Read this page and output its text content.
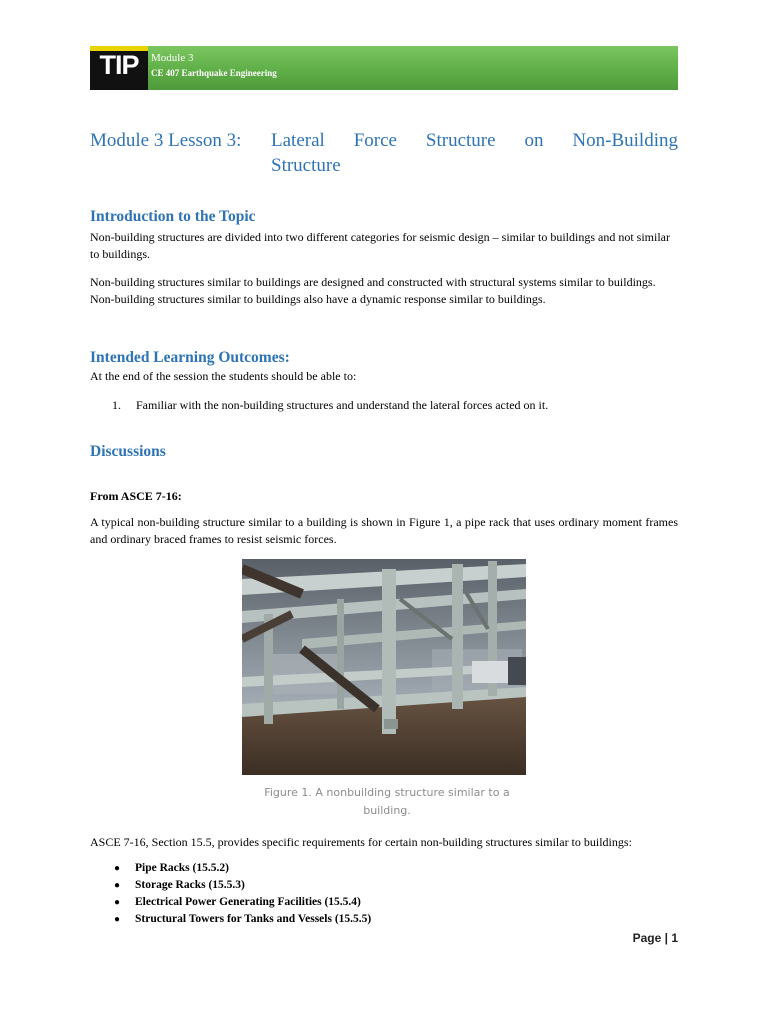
TIP	Module 3
CE 407 Earthquake Engineering
Module 3 Lesson 3: Lateral Force Structure on Non-Building
Structure
Introduction to the Topic

Non-building structures are divided into two different categories for seismic design – similar to buildings and not similar to buildings.

Non-building structures similar to buildings are designed and constructed with structural systems similar to buildings. Non-building structures similar to buildings also have a dynamic response similar to buildings.

Intended Learning Outcomes:

At the end of the session the students should be able to:

1. Familiar with the non-building structures and understand the lateral forces acted on it.
Discussions
From ASCE 7-16:

A typical non-building structure similar to a building is shown in Figure 1, a pipe rack that uses ordinary moment frames and ordinary braced frames to resist seismic forces.

Figure 1. A nonbuilding structure similar to a
building.

ASCE 7-16, Section 15.5, provides specific requirements for certain non-building structures similar to buildings:

● Pipe Racks (15.5.2)
● Storage Racks (15.5.3)
● Electrical Power Generating Facilities (15.5.4)
● Structural Towers for Tanks and Vessels (15.5.5)
Page | 1
